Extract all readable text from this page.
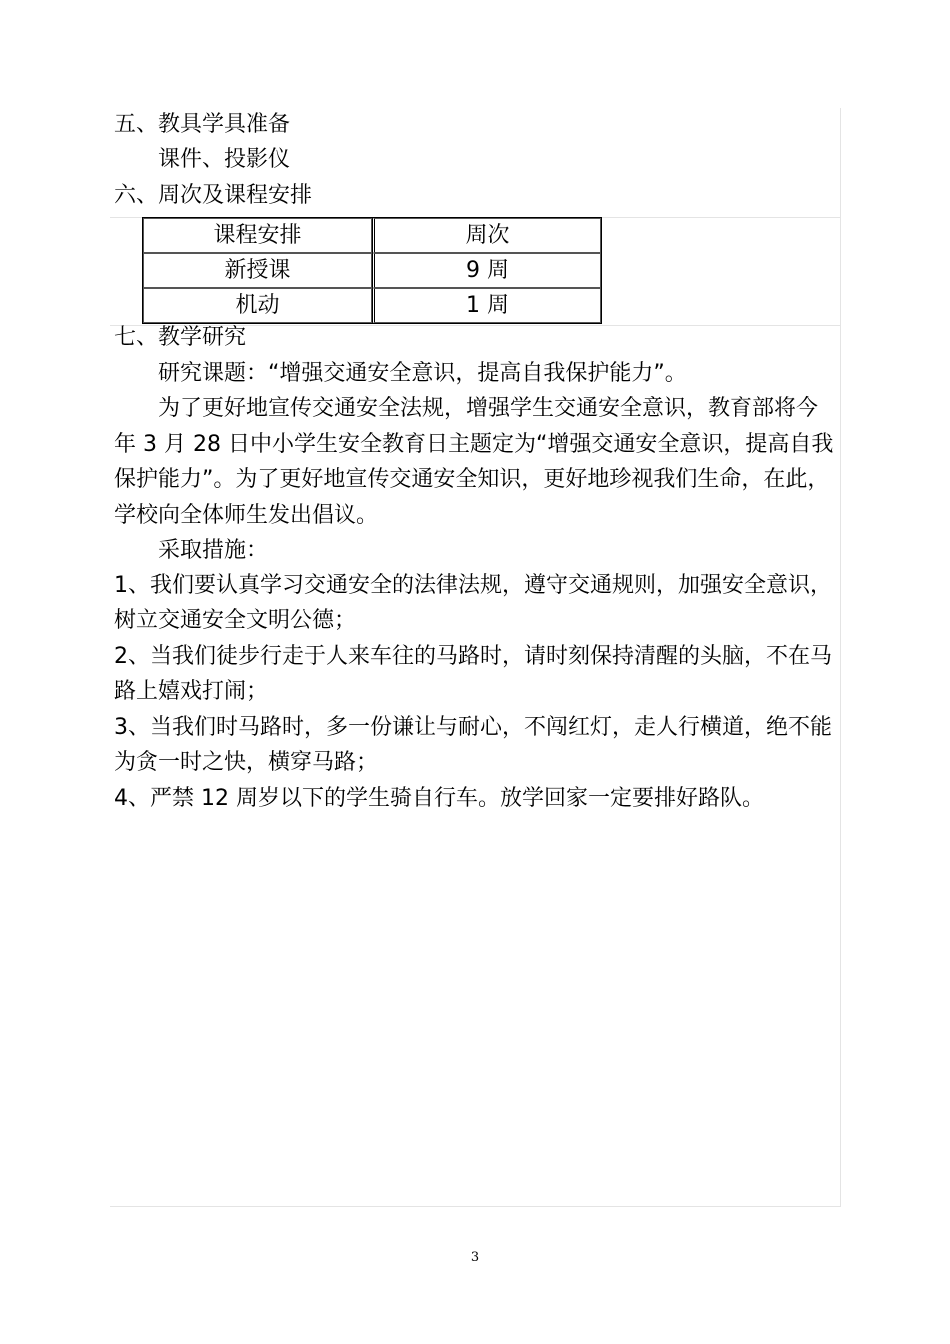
五、教具学具准备
课件、投影仪
六、周次及课程安排
课程安排	周次
新授课	9 周
机动	1 周
七、教学研究
研究课题：“增强交通安全意识，提高自我保护能力”。
为了更好地宣传交通安全法规，增强学生交通安全意识，教育部将今
年 3 月 28 日中小学生安全教育日主题定为“增强交通安全意识，提高自我
保护能力”。为了更好地宣传交通安全知识，更好地珍视我们生命，在此，
学校向全体师生发出倡议。
采取措施：
1、我们要认真学习交通安全的法律法规，遵守交通规则，加强安全意识，
树立交通安全文明公德；
2、当我们徒步行走于人来车往的马路时，请时刻保持清醒的头脑，不在马
路上嬉戏打闹；
3、当我们时马路时，多一份谦让与耐心，不闯红灯，走人行横道，绝不能
为贪一时之快，横穿马路；
4、严禁 12 周岁以下的学生骑自行车。放学回家一定要排好路队。
3
